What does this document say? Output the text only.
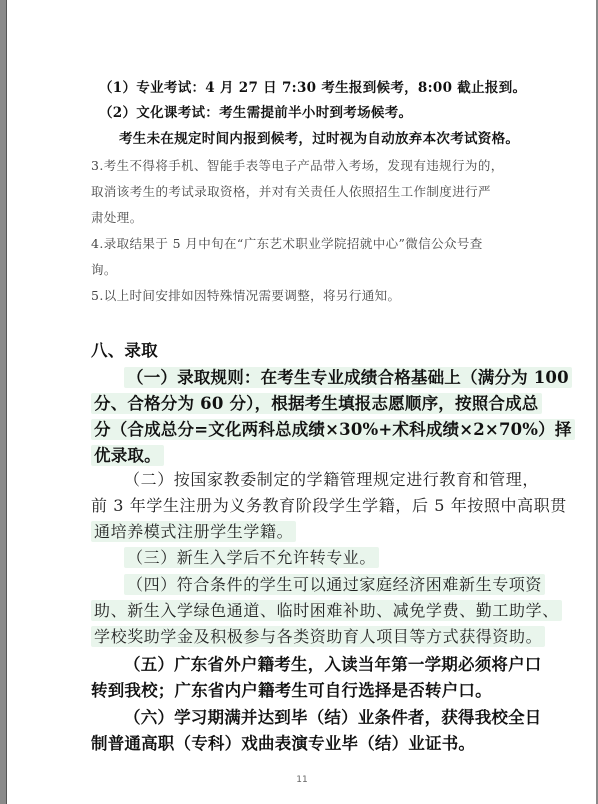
（1）专业考试：4 月 27 日 7:30 考生报到候考，8:00 截止报到。
（2）文化课考试：考生需提前半小时到考场候考。
考生未在规定时间内报到候考，过时视为自动放弃本次考试资格。
3.考生不得将手机、智能手表等电子产品带入考场，发现有违规行为的，
取消该考生的考试录取资格，并对有关责任人依照招生工作制度进行严
肃处理。
4.录取结果于 5 月中旬在“广东艺术职业学院招就中心”微信公众号查
询。
5.以上时间安排如因特殊情况需要调整，将另行通知。
八、录取
（一）录取规则：在考生专业成绩合格基础上（满分为 100
分、合格分为 60 分），根据考生填报志愿顺序，按照合成总
分（合成总分=文化两科总成绩×30%+术科成绩×2×70%）择
优录取。
（二）按国家教委制定的学籍管理规定进行教育和管理，
前 3 年学生注册为义务教育阶段学生学籍，后 5 年按照中高职贯
通培养模式注册学生学籍。
（三）新生入学后不允许转专业。
（四）符合条件的学生可以通过家庭经济困难新生专项资
助、新生入学绿色通道、临时困难补助、减免学费、勤工助学、
学校奖助学金及积极参与各类资助育人项目等方式获得资助。
（五）广东省外户籍考生，入读当年第一学期必须将户口
转到我校；广东省内户籍考生可自行选择是否转户口。
（六）学习期满并达到毕（结）业条件者，获得我校全日
制普通高职（专科）戏曲表演专业毕（结）业证书。
11
